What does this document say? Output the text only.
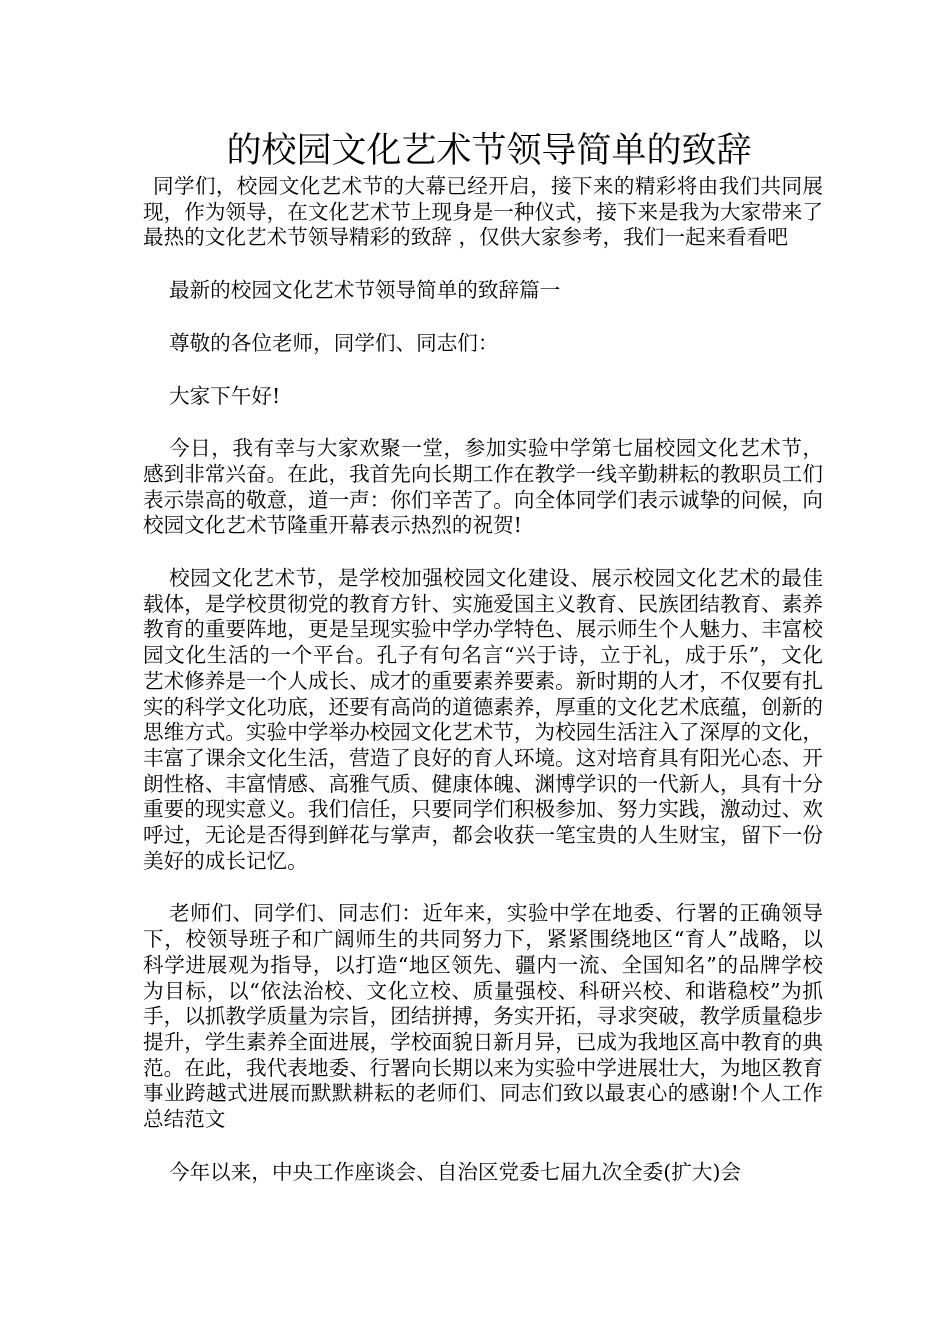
的校园文化艺术节领导简单的致辞

同学们，校园文化艺术节的大幕已经开启，接下来的精彩将由我们共同展现，作为领导，在文化艺术节上现身是一种仪式，接下来是我为大家带来了最热的文化艺术节领导精彩的致辞 ，仅供大家参考，我们一起来看看吧

最新的校园文化艺术节领导简单的致辞篇一

尊敬的各位老师，同学们、同志们：

大家下午好!

今日，我有幸与大家欢聚一堂，参加实验中学第七届校园文化艺术节，感到非常兴奋。在此，我首先向长期工作在教学一线辛勤耕耘的教职员工们表示崇高的敬意，道一声：你们辛苦了。向全体同学们表示诚挚的问候，向校园文化艺术节隆重开幕表示热烈的祝贺!

校园文化艺术节，是学校加强校园文化建设、展示校园文化艺术的最佳载体，是学校贯彻党的教育方针、实施爱国主义教育、民族团结教育、素养教育的重要阵地，更是呈现实验中学办学特色、展示师生个人魅力、丰富校园文化生活的一个平台。孔子有句名言“兴于诗，立于礼，成于乐”，文化艺术修养是一个人成长、成才的重要素养要素。新时期的人才，不仅要有扎实的科学文化功底，还要有高尚的道德素养，厚重的文化艺术底蕴，创新的思维方式。实验中学举办校园文化艺术节，为校园生活注入了深厚的文化，丰富了课余文化生活，营造了良好的育人环境。这对培育具有阳光心态、开朗性格、丰富情感、高雅气质、健康体魄、渊博学识的一代新人，具有十分重要的现实意义。我们信任，只要同学们积极参加、努力实践，激动过、欢呼过，无论是否得到鲜花与掌声，都会收获一笔宝贵的人生财宝，留下一份美好的成长记忆。

老师们、同学们、同志们：近年来，实验中学在地委、行署的正确领导下，校领导班子和广阔师生的共同努力下，紧紧围绕地区“育人”战略，以科学进展观为指导，以打造“地区领先、疆内一流、全国知名”的品牌学校为目标，以“依法治校、文化立校、质量强校、科研兴校、和谐稳校”为抓手，以抓教学质量为宗旨，团结拼搏，务实开拓，寻求突破，教学质量稳步提升，学生素养全面进展，学校面貌日新月异，已成为我地区高中教育的典范。在此，我代表地委、行署向长期以来为实验中学进展壮大，为地区教育事业跨越式进展而默默耕耘的老师们、同志们致以最衷心的感谢!个人工作总结范文

今年以来，中央工作座谈会、自治区党委七届九次全委(扩大)会
